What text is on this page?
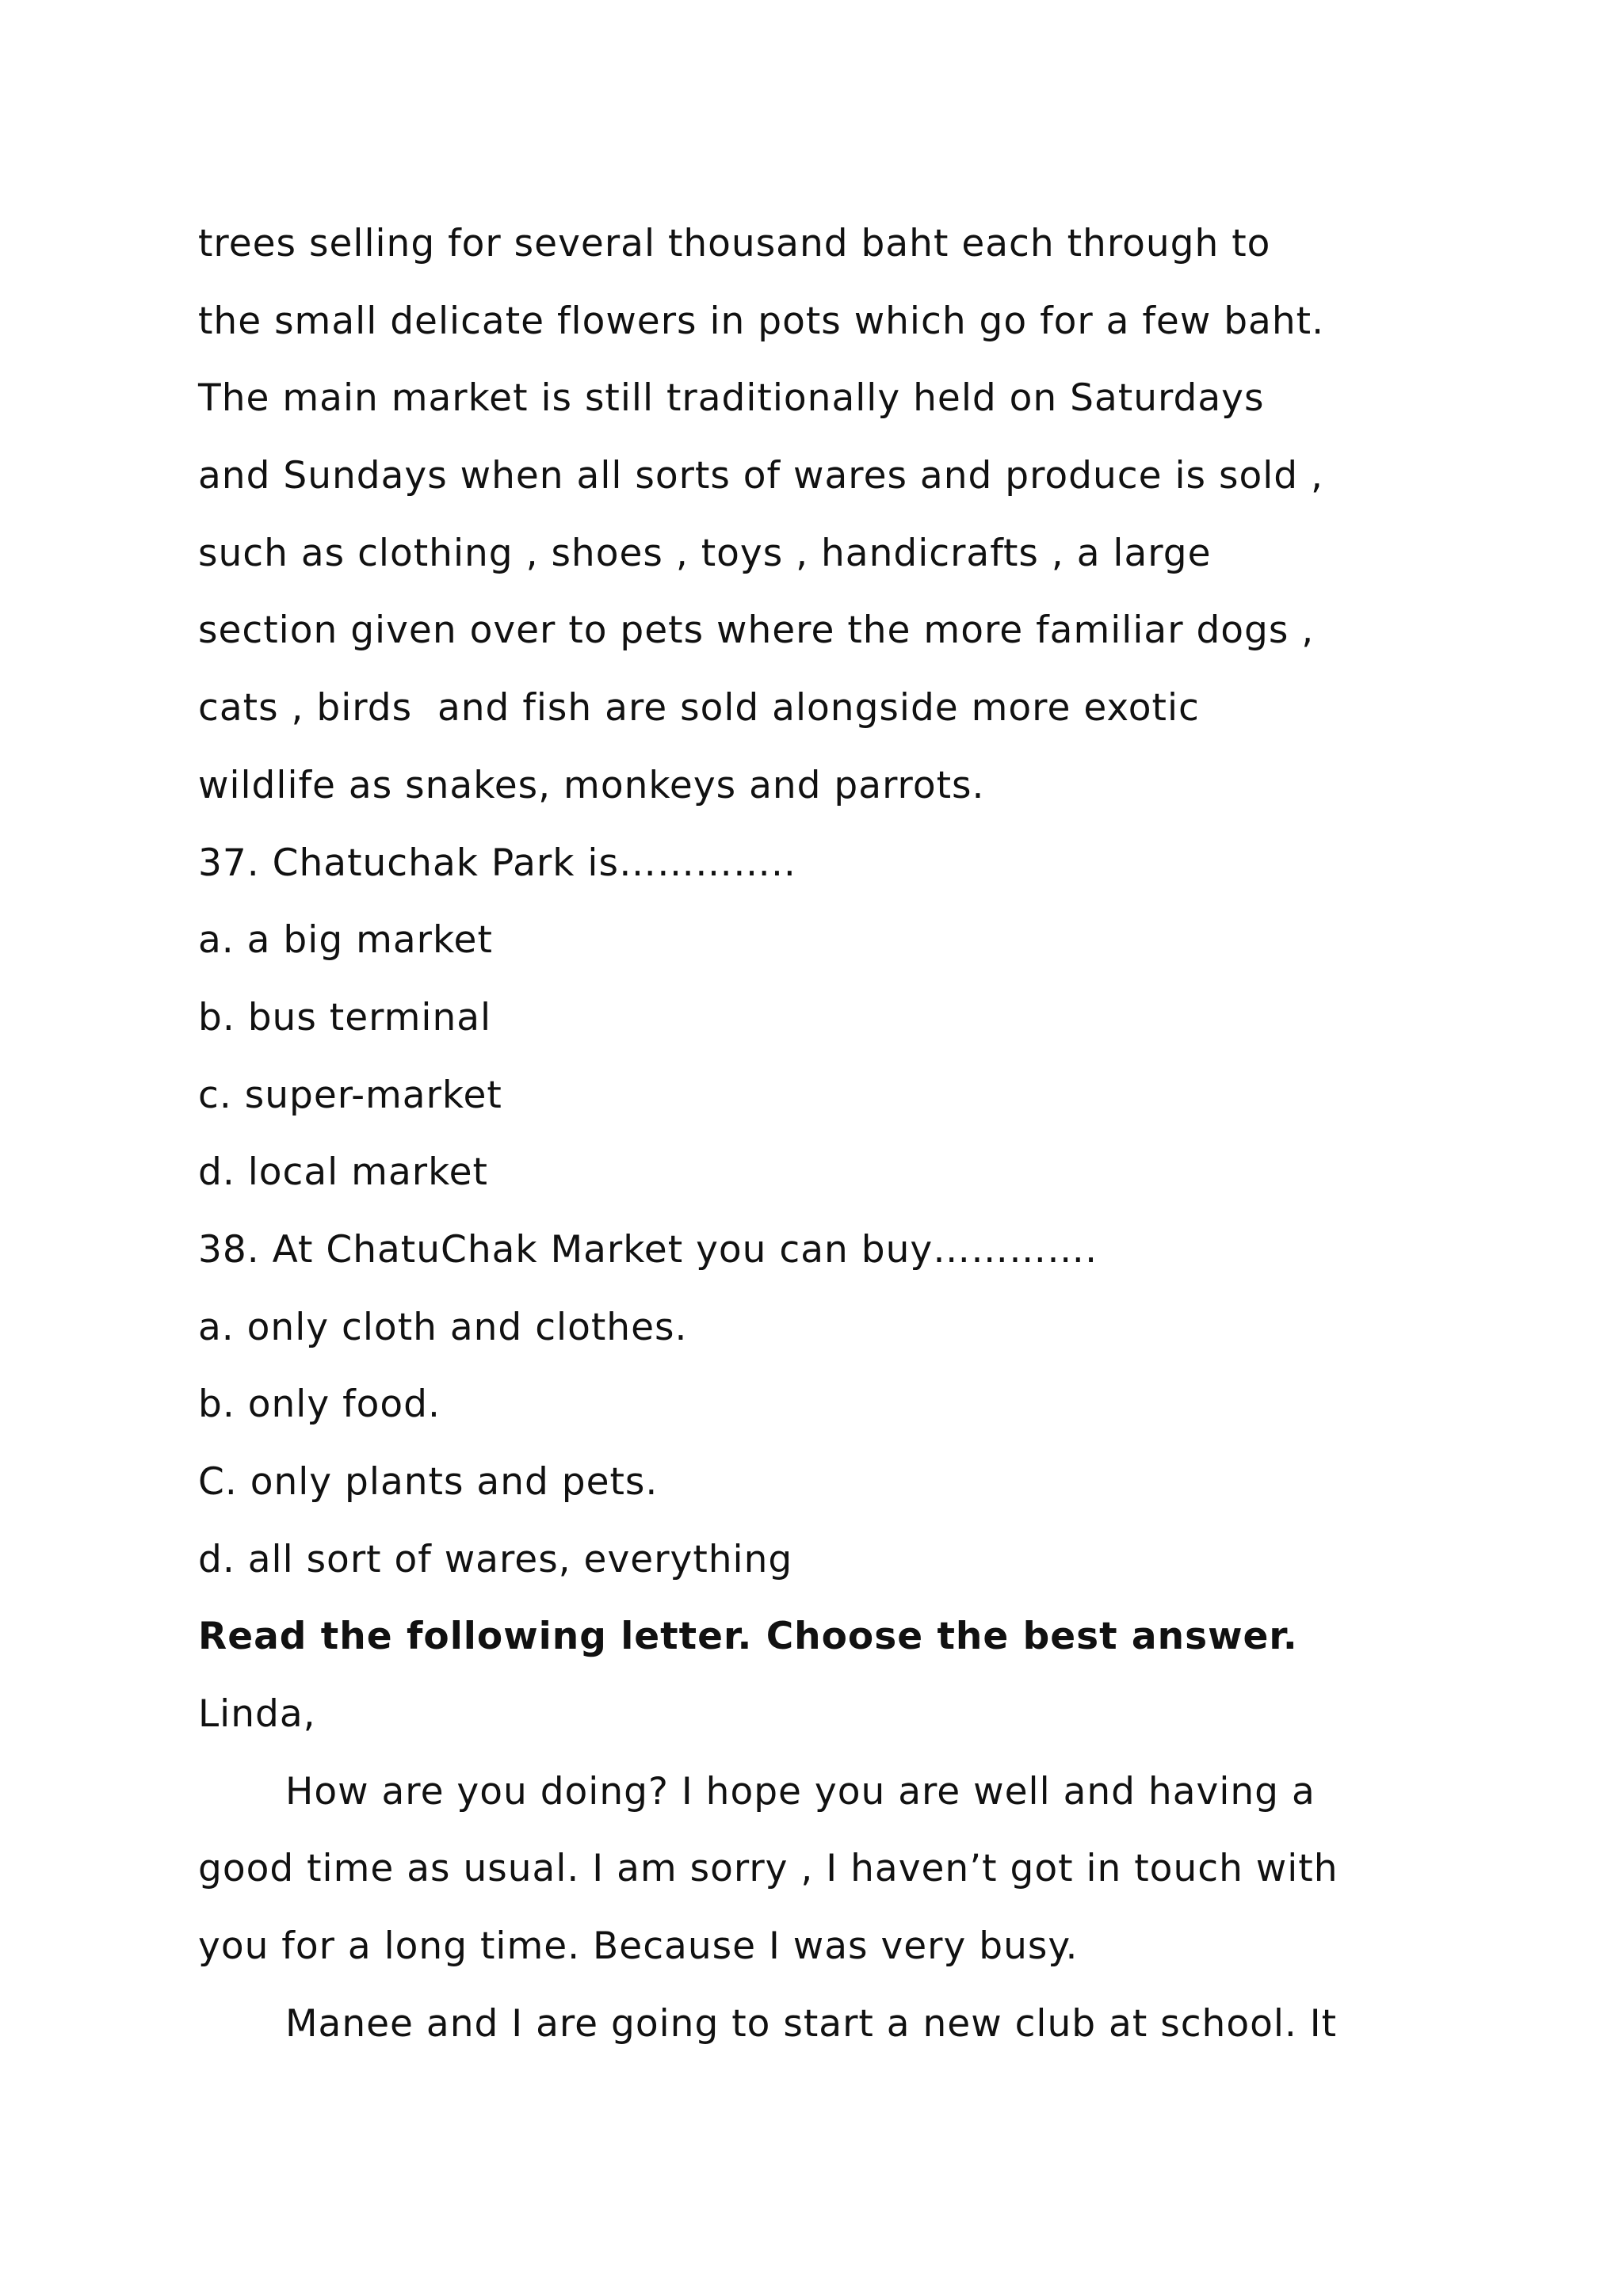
trees selling for several thousand baht each through to
the small delicate flowers in pots which go for a few baht.
The main market is still traditionally held on Saturdays
and Sundays when all sorts of wares and produce is sold ,
such as clothing , shoes , toys , handicrafts , a large
section given over to pets where the more familiar dogs ,
cats , birds  and fish are sold alongside more exotic
wildlife as snakes, monkeys and parrots.
37. Chatuchak Park is…………..
a. a big market
b. bus terminal
c. super-market
d. local market
38. At ChatuChak Market you can buy………….
a. only cloth and clothes.
b. only food.
C. only plants and pets.
d. all sort of wares, everything
Read the following letter. Choose the best answer.
Linda,
How are you doing? I hope you are well and having a
good time as usual. I am sorry , I haven’t got in touch with
you for a long time. Because I was very busy.
Manee and I are going to start a new club at school. It
